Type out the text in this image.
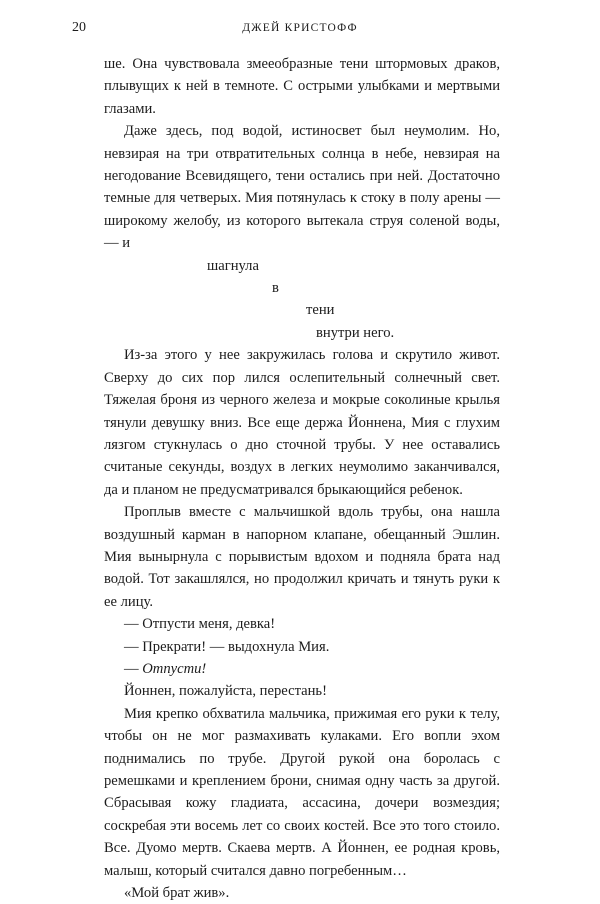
20	ДЖЕЙ КРИСТОФФ

ше. Она чувствовала змееобразные тени штормовых драков, плывущих к ней в темноте. С острыми улыбками и мертвыми глазами.

Даже здесь, под водой, истиносвет был неумолим. Но, невзирая на три отвратительных солнца в небе, невзирая на негодование Всевидящего, тени остались при ней. Достаточно темные для четверых. Мия потянулась к стоку в полу арены — широкому желобу, из которого вытекала струя соленой воды, — и

шагнула
в
тени
внутри него.

Из-за этого у нее закружилась голова и скрутило живот. Сверху до сих пор лился ослепительный солнечный свет. Тяжелая броня из черного железа и мокрые соколиные крылья тянули девушку вниз. Все еще держа Йоннена, Мия с глухим лязгом стукнулась о дно сточной трубы. У нее оставались считаные секунды, воздух в легких неумолимо заканчивался, да и планом не предусматривался брыкающийся ребенок.

Проплыв вместе с мальчишкой вдоль трубы, она нашла воздушный карман в напорном клапане, обещанный Эшлин. Мия вынырнула с порывистым вдохом и подняла брата над водой. Тот закашлялся, но продолжил кричать и тянуть руки к ее лицу.

— Отпусти меня, девка!

— Прекрати! — выдохнула Мия.

— Отпусти!

Йоннен, пожалуйста, перестань!

Мия крепко обхватила мальчика, прижимая его руки к телу, чтобы он не мог размахивать кулаками. Его вопли эхом поднимались по трубе. Другой рукой она боролась с ремешками и креплением брони, снимая одну часть за другой. Сбрасывая кожу гладиата, ассасина, дочери возмездия; соскребая эти восемь лет со своих костей. Все это того стоило. Все. Дуомо мертв. Скаева мертв. А Йоннен, ее родная кровь, малыш, который считался давно погребенным…

«Мой брат жив».
